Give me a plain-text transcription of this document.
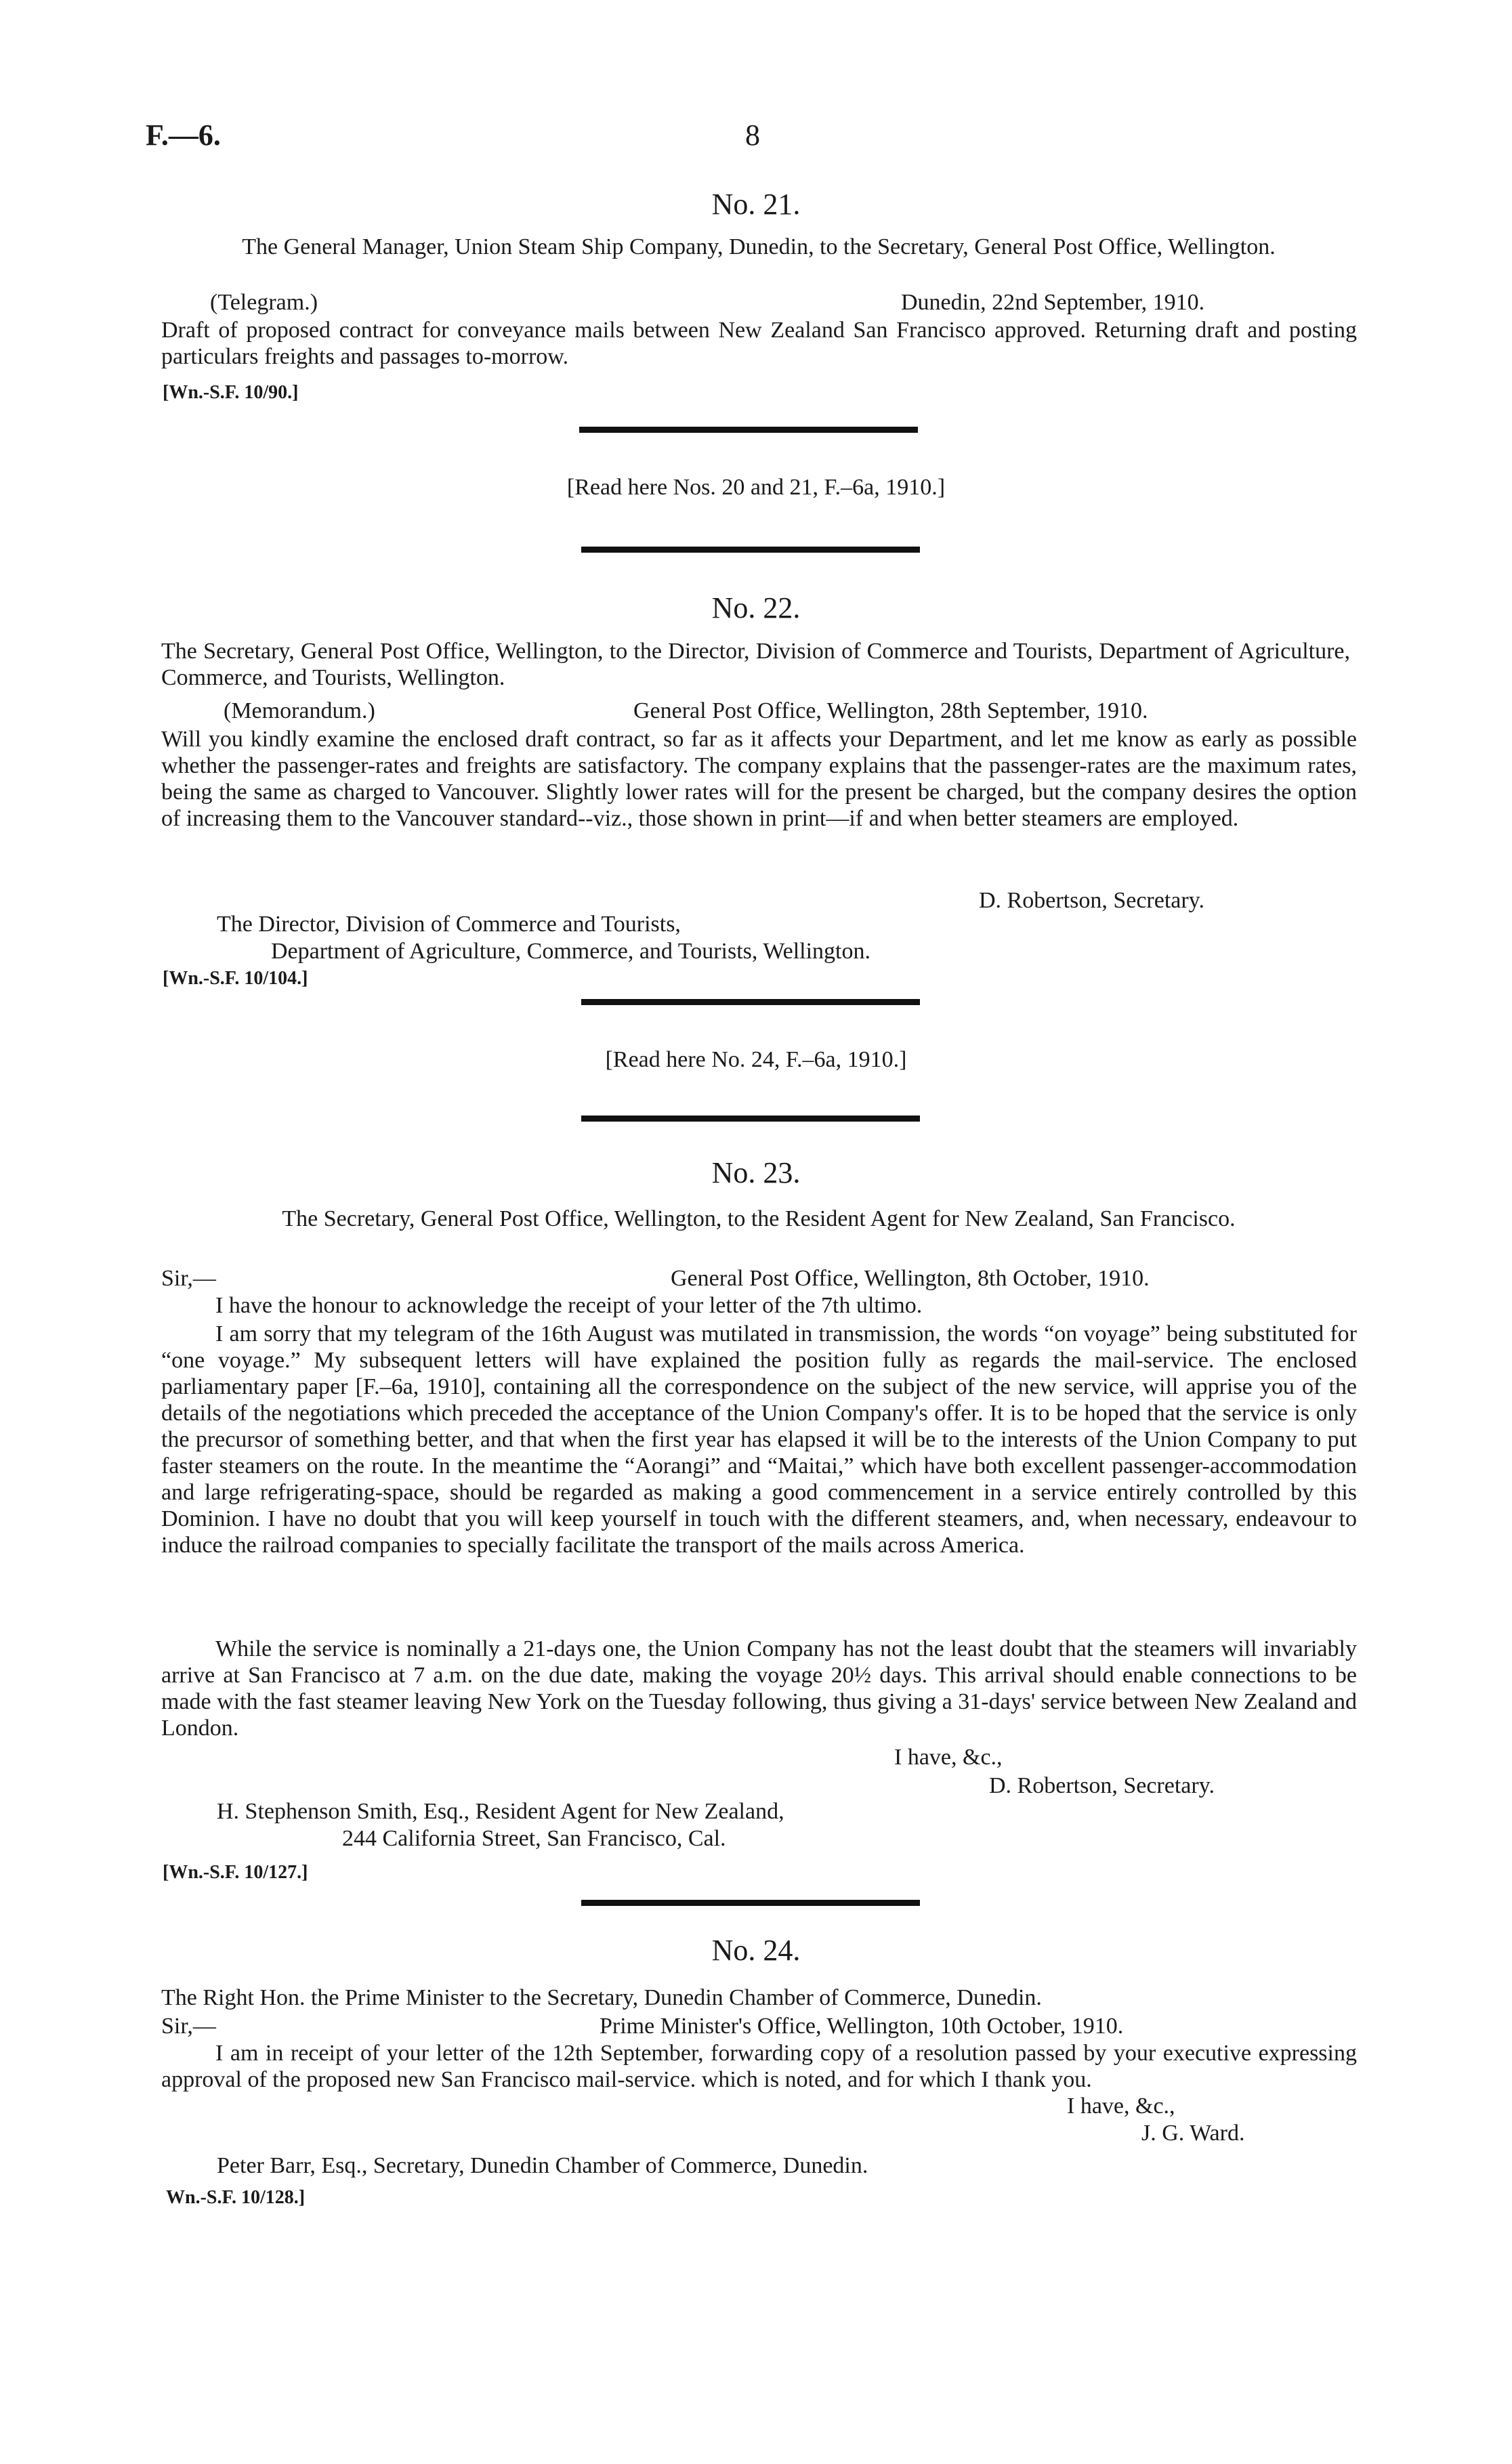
F.—6.	8
No. 21.
The General Manager, Union Steam Ship Company, Dunedin, to the Secretary, General Post Office, Wellington.
(Telegram.)	Dunedin, 22nd September, 1910.
Draft of proposed contract for conveyance mails between New Zealand San Francisco approved. Returning draft and posting particulars freights and passages to-morrow.
[Wn.-S.F. 10/90.]
[Read here Nos. 20 and 21, F.–6a, 1910.]
No. 22.
The Secretary, General Post Office, Wellington, to the Director, Division of Commerce and Tourists, Department of Agriculture, Commerce, and Tourists, Wellington.
(Memorandum.)	General Post Office, Wellington, 28th September, 1910.
Will you kindly examine the enclosed draft contract, so far as it affects your Department, and let me know as early as possible whether the passenger-rates and freights are satisfactory. The company explains that the passenger-rates are the maximum rates, being the same as charged to Vancouver. Slightly lower rates will for the present be charged, but the company desires the option of increasing them to the Vancouver standard--viz., those shown in print—if and when better steamers are employed.
D. Robertson, Secretary.
The Director, Division of Commerce and Tourists,
Department of Agriculture, Commerce, and Tourists, Wellington.
[Wn.-S.F. 10/104.]
[Read here No. 24, F.–6a, 1910.]
No. 23.
The Secretary, General Post Office, Wellington, to the Resident Agent for New Zealand, San Francisco.
Sir,—	General Post Office, Wellington, 8th October, 1910.
I have the honour to acknowledge the receipt of your letter of the 7th ultimo.
I am sorry that my telegram of the 16th August was mutilated in transmission, the words “on voyage” being substituted for “one voyage.” My subsequent letters will have explained the position fully as regards the mail-service. The enclosed parliamentary paper [F.–6a, 1910], containing all the correspondence on the subject of the new service, will apprise you of the details of the negotiations which preceded the acceptance of the Union Company's offer. It is to be hoped that the service is only the precursor of something better, and that when the first year has elapsed it will be to the interests of the Union Company to put faster steamers on the route. In the meantime the “Aorangi” and “Maitai,” which have both excellent passenger-accommodation and large refrigerating-space, should be regarded as making a good commencement in a service entirely controlled by this Dominion. I have no doubt that you will keep yourself in touch with the different steamers, and, when necessary, endeavour to induce the railroad companies to specially facilitate the transport of the mails across America.
While the service is nominally a 21-days one, the Union Company has not the least doubt that the steamers will invariably arrive at San Francisco at 7 a.m. on the due date, making the voyage 20½ days. This arrival should enable connections to be made with the fast steamer leaving New York on the Tuesday following, thus giving a 31-days' service between New Zealand and London.
I have, &c.,
D. Robertson, Secretary.
H. Stephenson Smith, Esq., Resident Agent for New Zealand,
244 California Street, San Francisco, Cal.
[Wn.-S.F. 10/127.]
No. 24.
The Right Hon. the Prime Minister to the Secretary, Dunedin Chamber of Commerce, Dunedin.
Sir,—	Prime Minister's Office, Wellington, 10th October, 1910.
I am in receipt of your letter of the 12th September, forwarding copy of a resolution passed by your executive expressing approval of the proposed new San Francisco mail-service. which is noted, and for which I thank you.
I have, &c.,
J. G. Ward.
Peter Barr, Esq., Secretary, Dunedin Chamber of Commerce, Dunedin.
Wn.-S.F. 10/128.]
